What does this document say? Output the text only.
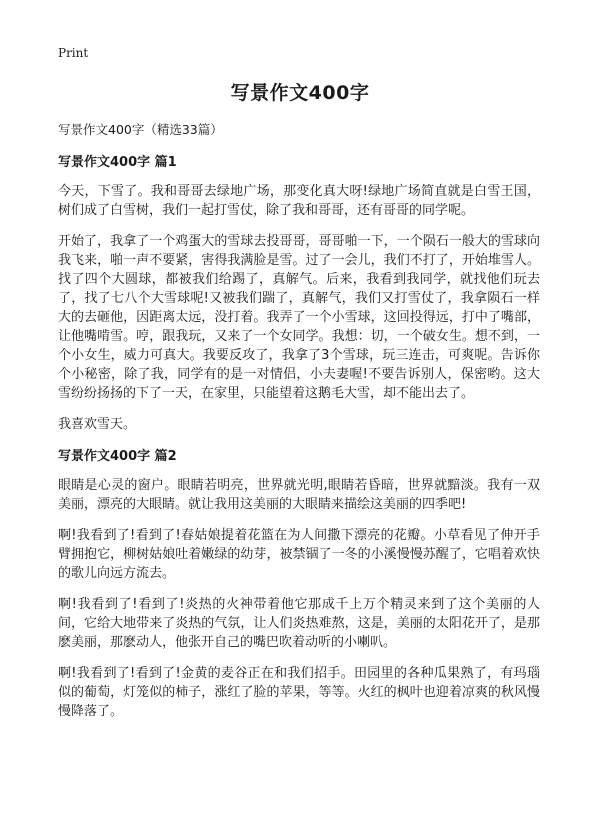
Print
写景作文400字

写景作文400字（精选33篇）

写景作文400字 篇1

今天，下雪了。我和哥哥去绿地广场，那变化真大呀!绿地广场简直就是白雪王国，树们成了白雪树，我们一起打雪仗，除了我和哥哥，还有哥哥的同学呢。

开始了，我拿了一个鸡蛋大的雪球去投哥哥，哥哥啪一下，一个陨石一般大的雪球向我飞来，啪一声不要紧，害得我满脸是雪。过了一会儿，我们不打了，开始堆雪人。找了四个大圆球，都被我们给踢了，真解气。后来，我看到我同学，就找他们玩去了，找了七八个大雪球呢!又被我们踹了，真解气，我们又打雪仗了，我拿陨石一样大的去砸他，因距离太远，没打着。我弄了一个小雪球，这回投得远，打中了嘴部，让他嘴啃雪。哼，跟我玩，又来了一个女同学。我想：切，一个破女生。想不到，一个小女生，威力可真大。我要反攻了，我拿了3个雪球，玩三连击，可爽呢。告诉你个小秘密，除了我，同学有的是一对情侣，小夫妻喔!不要告诉别人，保密哟。这大雪纷纷扬扬的下了一天，在家里，只能望着这鹅毛大雪，却不能出去了。

我喜欢雪天。

写景作文400字 篇2

眼睛是心灵的窗户。眼睛若明亮，世界就光明,眼睛若昏暗，世界就黯淡。我有一双美丽，漂亮的大眼睛。就让我用这美丽的大眼睛来描绘这美丽的四季吧!

啊!我看到了!看到了!春姑娘提着花篮在为人间撒下漂亮的花瓣。小草看见了伸开手臂拥抱它，柳树姑娘吐着嫩绿的幼芽，被禁锢了一冬的小溪慢慢苏醒了，它唱着欢快的歌儿向远方流去。

啊!我看到了!看到了!炎热的火神带着他它那成千上万个精灵来到了这个美丽的人间，它给大地带来了炎热的气氛，让人们炎热难熬，这是，美丽的太阳花开了，是那麽美丽，那麽动人，他张开自己的嘴巴吹着动听的小喇叭。

啊!我看到了!看到了!金黄的麦谷正在和我们招手。田园里的各种瓜果熟了，有玛瑙似的葡萄，灯笼似的柿子，涨红了脸的苹果，等等。火红的枫叶也迎着凉爽的秋风慢慢降落了。
